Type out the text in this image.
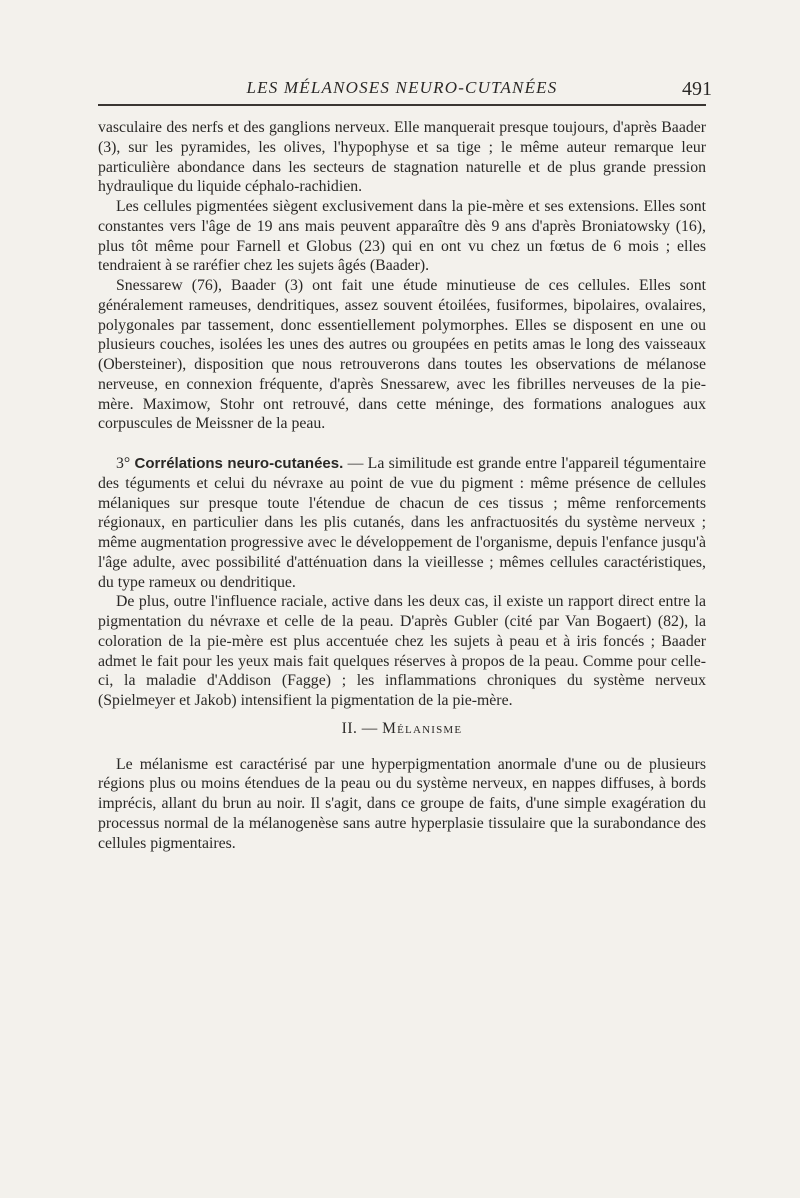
LES MÉLANOSES NEURO-CUTANÉES	491

vasculaire des nerfs et des ganglions nerveux. Elle manquerait presque toujours, d'après Baader (3), sur les pyramides, les olives, l'hypophyse et sa tige ; le même auteur remarque leur particulière abondance dans les secteurs de stagnation naturelle et de plus grande pression hydraulique du liquide céphalo-rachidien.

Les cellules pigmentées siègent exclusivement dans la pie-mère et ses extensions. Elles sont constantes vers l'âge de 19 ans mais peuvent apparaître dès 9 ans d'après Broniatowsky (16), plus tôt même pour Farnell et Globus (23) qui en ont vu chez un fœtus de 6 mois ; elles tendraient à se raréfier chez les sujets âgés (Baader).

Snessarew (76), Baader (3) ont fait une étude minutieuse de ces cellules. Elles sont généralement rameuses, dendritiques, assez souvent étoilées, fusiformes, bipolaires, ovalaires, polygonales par tassement, donc essentiellement polymorphes. Elles se disposent en une ou plusieurs couches, isolées les unes des autres ou groupées en petits amas le long des vaisseaux (Obersteiner), disposition que nous retrouverons dans toutes les observations de mélanose nerveuse, en connexion fréquente, d'après Snessarew, avec les fibrilles nerveuses de la pie-mère. Maximow, Stohr ont retrouvé, dans cette méninge, des formations analogues aux corpuscules de Meissner de la peau.

3° Corrélations neuro-cutanées. — La similitude est grande entre l'appareil tégumentaire des téguments et celui du névraxe au point de vue du pigment : même présence de cellules mélaniques sur presque toute l'étendue de chacun de ces tissus ; même renforcements régionaux, en particulier dans les plis cutanés, dans les anfractuosités du système nerveux ; même augmentation progressive avec le développement de l'organisme, depuis l'enfance jusqu'à l'âge adulte, avec possibilité d'atténuation dans la vieillesse ; mêmes cellules caractéristiques, du type rameux ou dendritique.

De plus, outre l'influence raciale, active dans les deux cas, il existe un rapport direct entre la pigmentation du névraxe et celle de la peau. D'après Gubler (cité par Van Bogaert) (82), la coloration de la pie-mère est plus accentuée chez les sujets à peau et à iris foncés ; Baader admet le fait pour les yeux mais fait quelques réserves à propos de la peau. Comme pour celle-ci, la maladie d'Addison (Fagge) ; les inflammations chroniques du système nerveux (Spielmeyer et Jakob) intensifient la pigmentation de la pie-mère.

II. — Mélanisme

Le mélanisme est caractérisé par une hyperpigmentation anormale d'une ou de plusieurs régions plus ou moins étendues de la peau ou du système nerveux, en nappes diffuses, à bords imprécis, allant du brun au noir. Il s'agit, dans ce groupe de faits, d'une simple exagération du processus normal de la mélanogenèse sans autre hyperplasie tissulaire que la surabondance des cellules pigmentaires.
